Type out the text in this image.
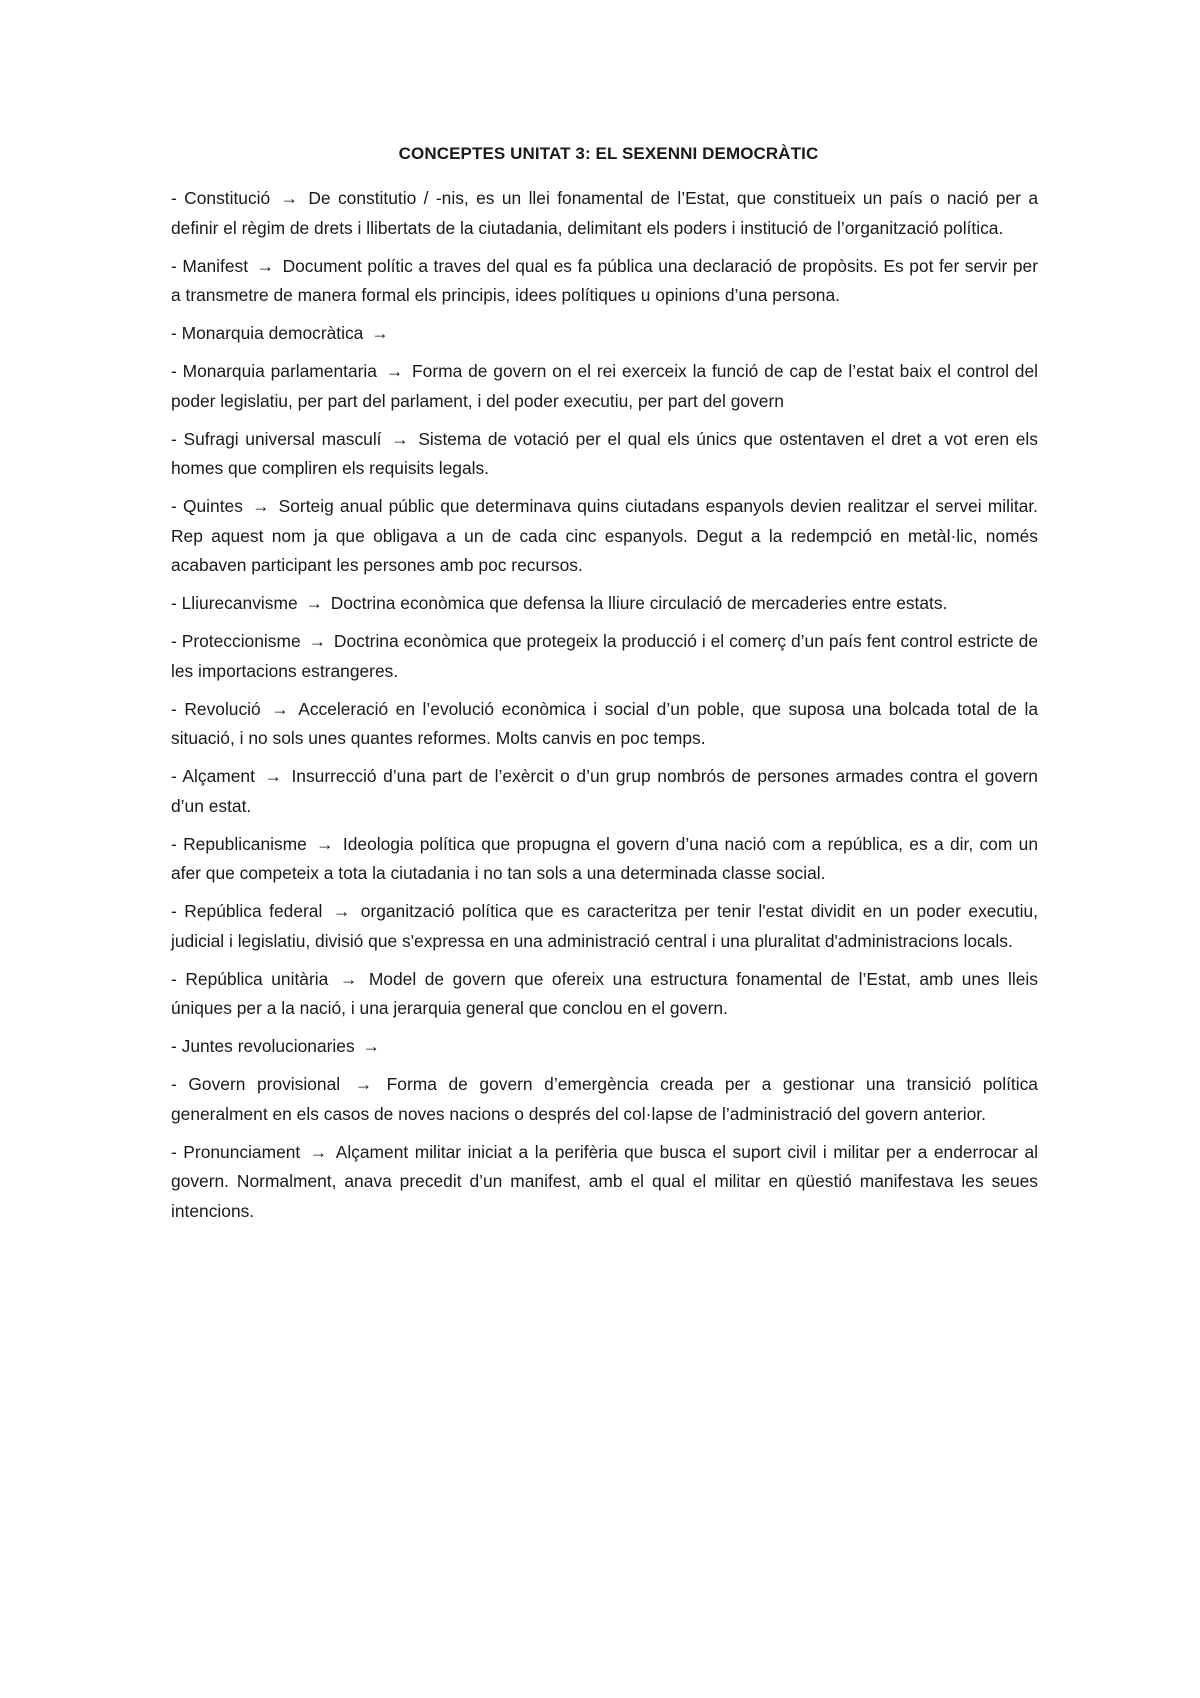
CONCEPTES UNITAT 3: EL SEXENNI DEMOCRÀTIC

- Constitució → De constitutio / -nis, es un llei fonamental de l’Estat, que constitueix un país o nació per a definir el règim de drets i llibertats de la ciutadania, delimitant els poders i institució de l’organització política.

- Manifest → Document polític a traves del qual es fa pública una declaració de propòsits. Es pot fer servir per a transmetre de manera formal els principis, idees polítiques u opinions d’una persona.

- Monarquia democràtica →

- Monarquia parlamentaria → Forma de govern on el rei exerceix la funció de cap de l’estat baix el control del poder legislatiu, per part del parlament, i del poder executiu, per part del govern

- Sufragi universal masculí → Sistema de votació per el qual els únics que ostentaven el dret a vot eren els homes que compliren els requisits legals.

- Quintes → Sorteig anual públic que determinava quins ciutadans espanyols devien realitzar el servei militar. Rep aquest nom ja que obligava a un de cada cinc espanyols. Degut a la redempció en metàl·lic, només acabaven participant les persones amb poc recursos.

- Lliurecanvisme → Doctrina econòmica que defensa la lliure circulació de mercaderies entre estats.

- Proteccionisme → Doctrina econòmica que protegeix la producció i el comerç d’un país fent control estricte de les importacions estrangeres.

- Revolució → Acceleració en l’evolució econòmica i social d’un poble, que suposa una bolcada total de la situació, i no sols unes quantes reformes. Molts canvis en poc temps.

- Alçament → Insurrecció d’una part de l’exèrcit o d’un grup nombrós de persones armades contra el govern d’un estat.

- Republicanisme → Ideologia política que propugna el govern d’una nació com a república, es a dir, com un afer que competeix a tota la ciutadania i no tan sols a una determinada classe social.

- República federal → organització política que es caracteritza per tenir l'estat dividit en un poder executiu, judicial i legislatiu, divisió que s'expressa en una administració central i una pluralitat d'administracions locals.

- República unitària → Model de govern que ofereix una estructura fonamental de l’Estat, amb unes lleis úniques per a la nació, i una jerarquia general que conclou en el govern.

- Juntes revolucionaries →

- Govern provisional → Forma de govern d’emergència creada per a gestionar una transició política generalment en els casos de noves nacions o després del col·lapse de l’administració del govern anterior.

- Pronunciament → Alçament militar iniciat a la perifèria que busca el suport civil i militar per a enderrocar al govern. Normalment, anava precedit d’un manifest, amb el qual el militar en qüestió manifestava les seues intencions.
